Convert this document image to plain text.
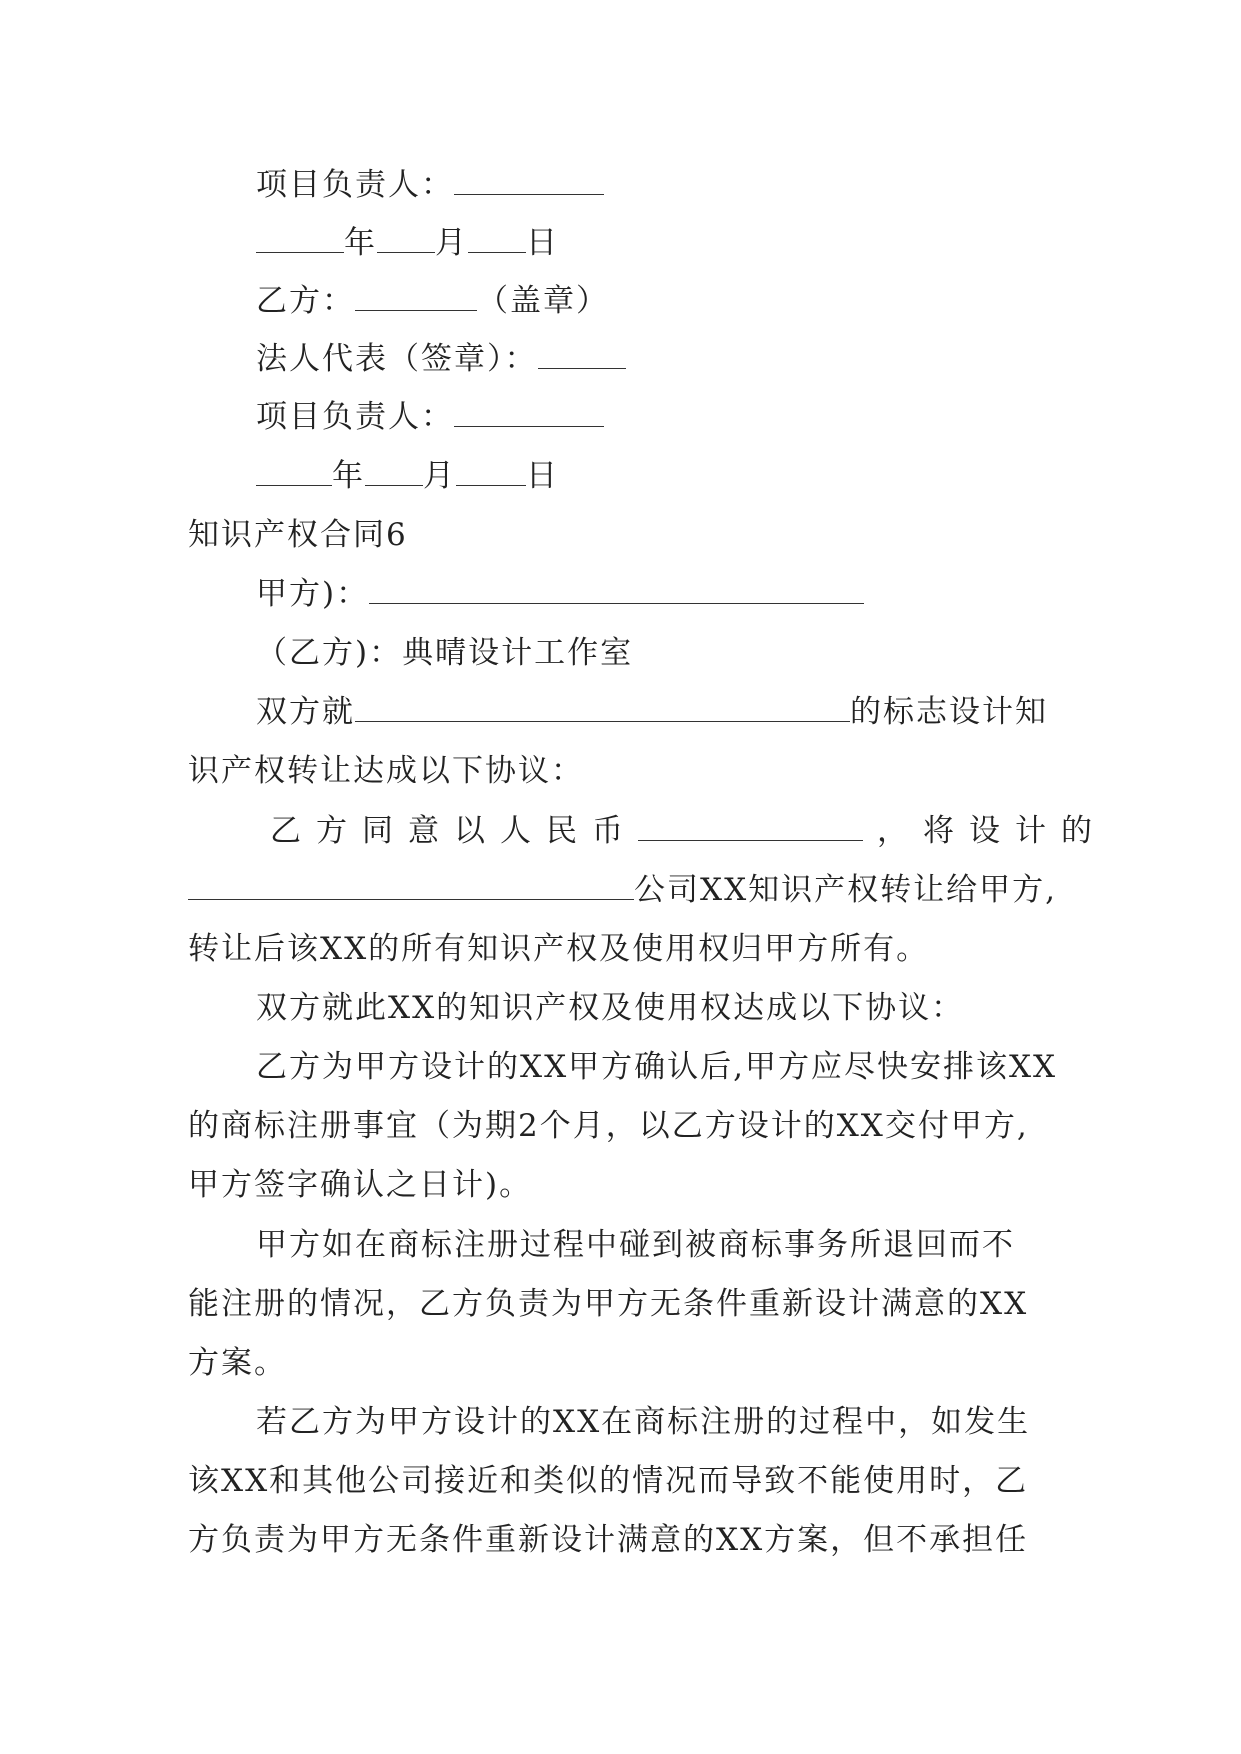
项目负责人：
年 月 日
乙方：	（盖章）
法人代表（签章）：
项目负责人：
年 月 日
知识产权合同6
甲方)：
（乙方)：典晴设计工作室
双方就	的标志设计知
识产权转让达成以下协议：
乙方同意以人民币	，将设计的
公司XX知识产权转让给甲方,
转让后该XX的所有知识产权及使用权归甲方所有。
双方就此XX的知识产权及使用权达成以下协议：
乙方为甲方设计的XX甲方确认后,甲方应尽快安排该XX
的商标注册事宜（为期2个月，以乙方设计的XX交付甲方,
甲方签字确认之日计)。
甲方如在商标注册过程中碰到被商标事务所退回而不
能注册的情况，乙方负责为甲方无条件重新设计满意的XX
方案。
若乙方为甲方设计的XX在商标注册的过程中，如发生
该XX和其他公司接近和类似的情况而导致不能使用时，乙
方负责为甲方无条件重新设计满意的XX方案，但不承担任
